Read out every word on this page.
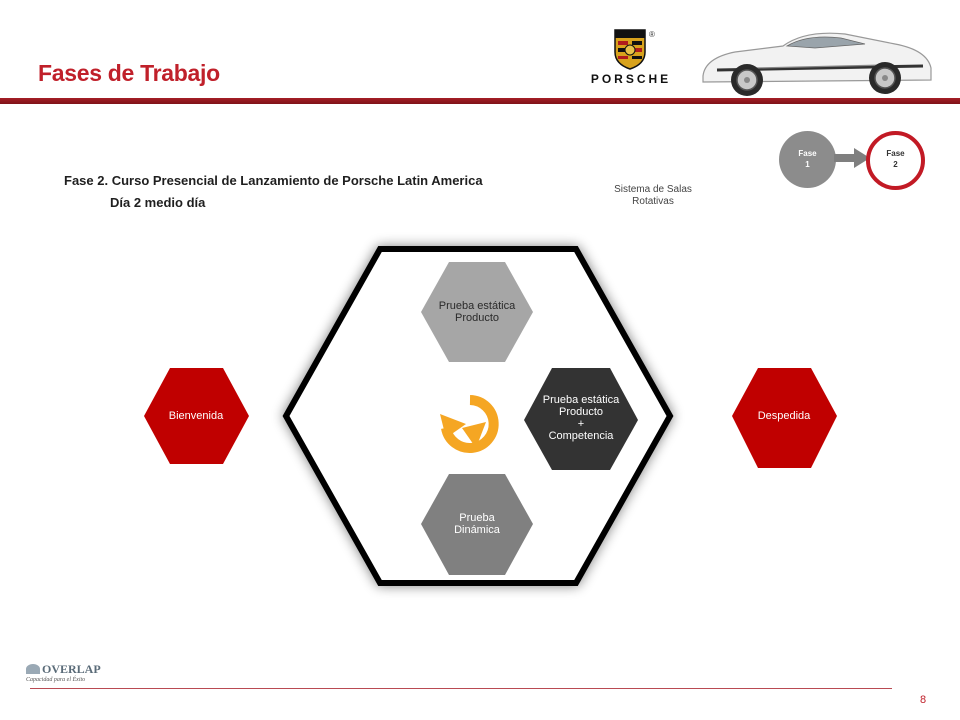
Fases de Trabajo
®
PORSCHE
Fase 2. Curso Presencial de Lanzamiento de Porsche Latin America
Día 2 medio día
Sistema de Salas
Rotativas
Fase
1
Fase
2
Bienvenida	Despedida
Prueba estática
Producto
Prueba estática
Producto
+
Competencia
Prueba
Dinámica
OVERLAP
Capacidad para el Éxito
8
